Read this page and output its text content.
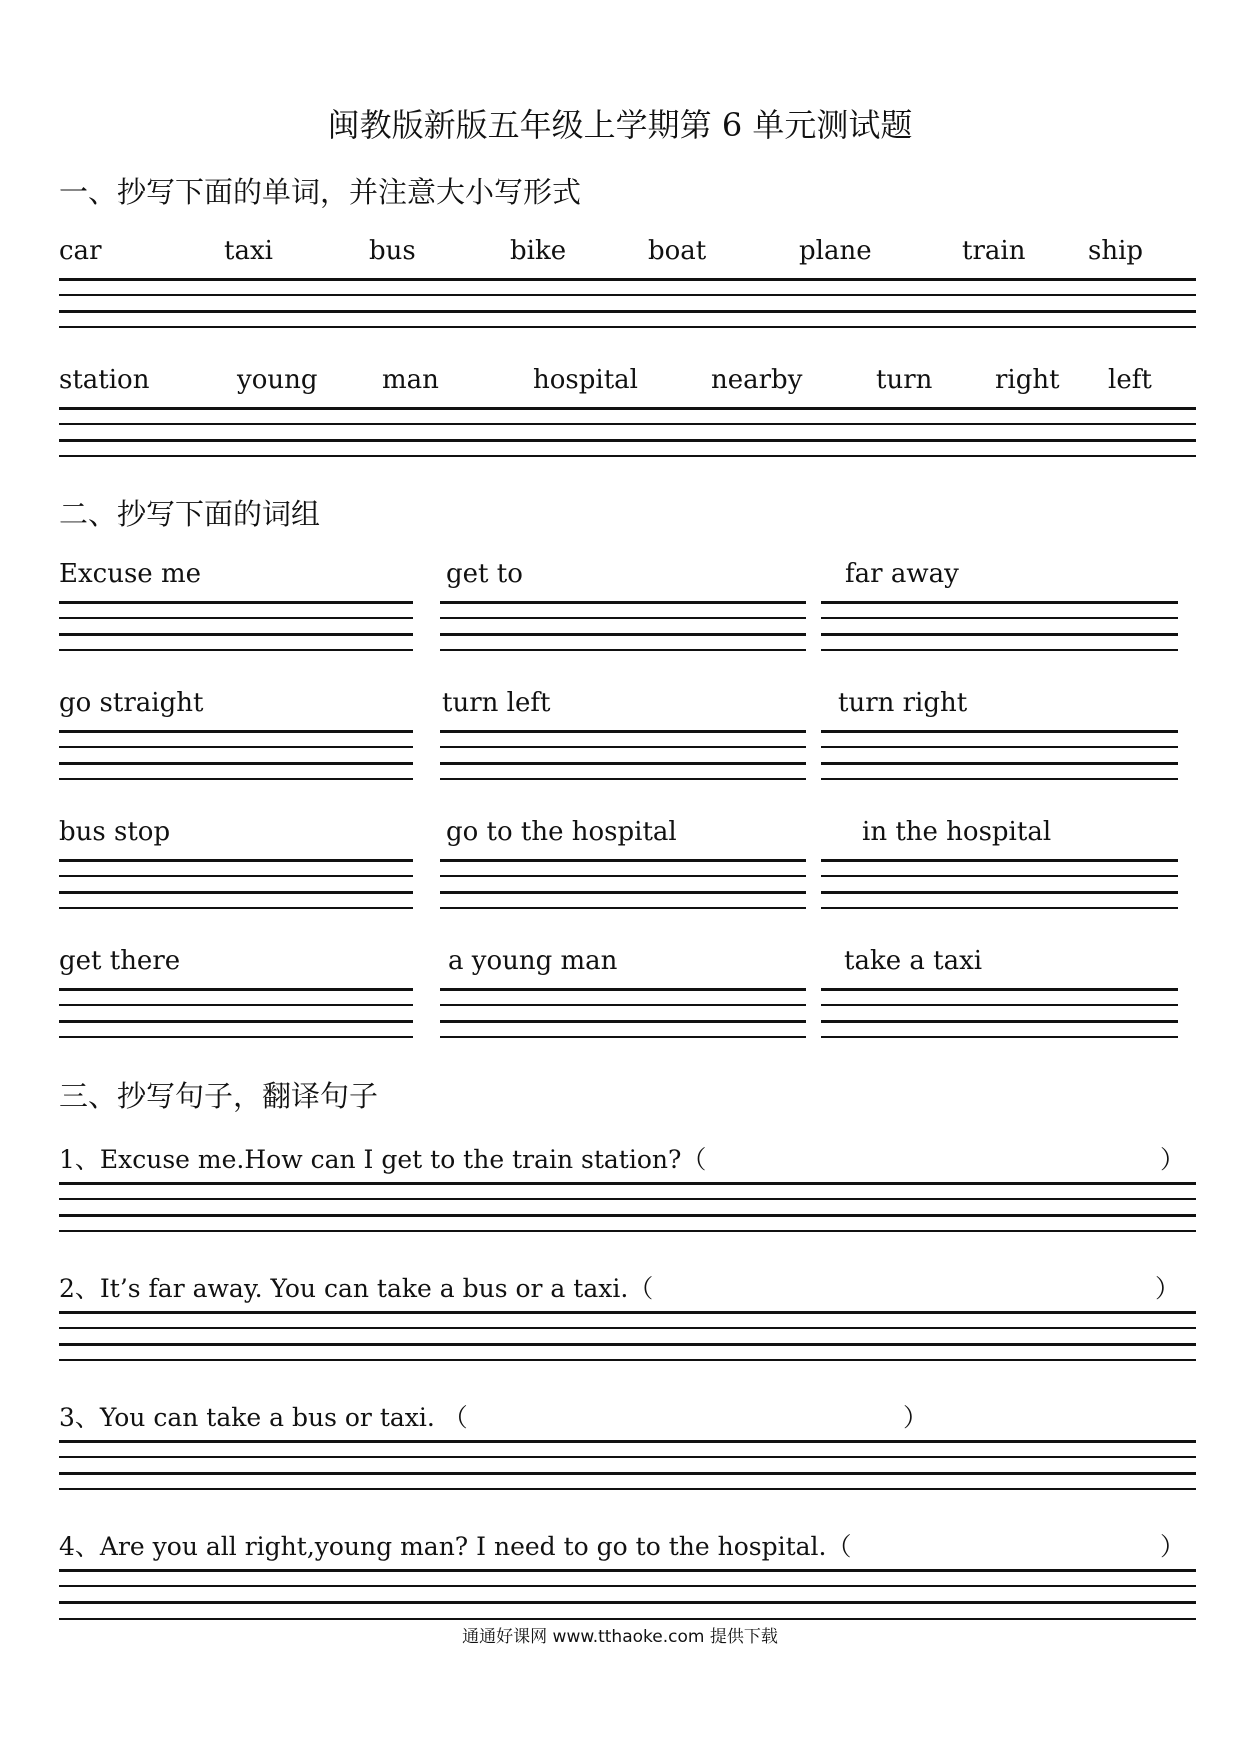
闽教版新版五年级上学期第 6 单元测试题
一、抄写下面的单词，并注意大小写形式
car	taxi	bus	bike	boat	plane	train ship
station	young man	hospital	nearby	turn right left
二、抄写下面的词组
Excuse me	get to	far away
go straight	turn left	turn right
bus stop	go to the hospital	in the hospital
get there	a young man	take a taxi
三、抄写句子，翻译句子
1、Excuse me.How can I get to the train station?（	）
2、It’s far away. You can take a bus or a taxi.（	）
3、You can take a bus or taxi. （	）
4、Are you all right,young man? I need to go to the hospital.（	）
通通好课网 www.tthaoke.com 提供下载
